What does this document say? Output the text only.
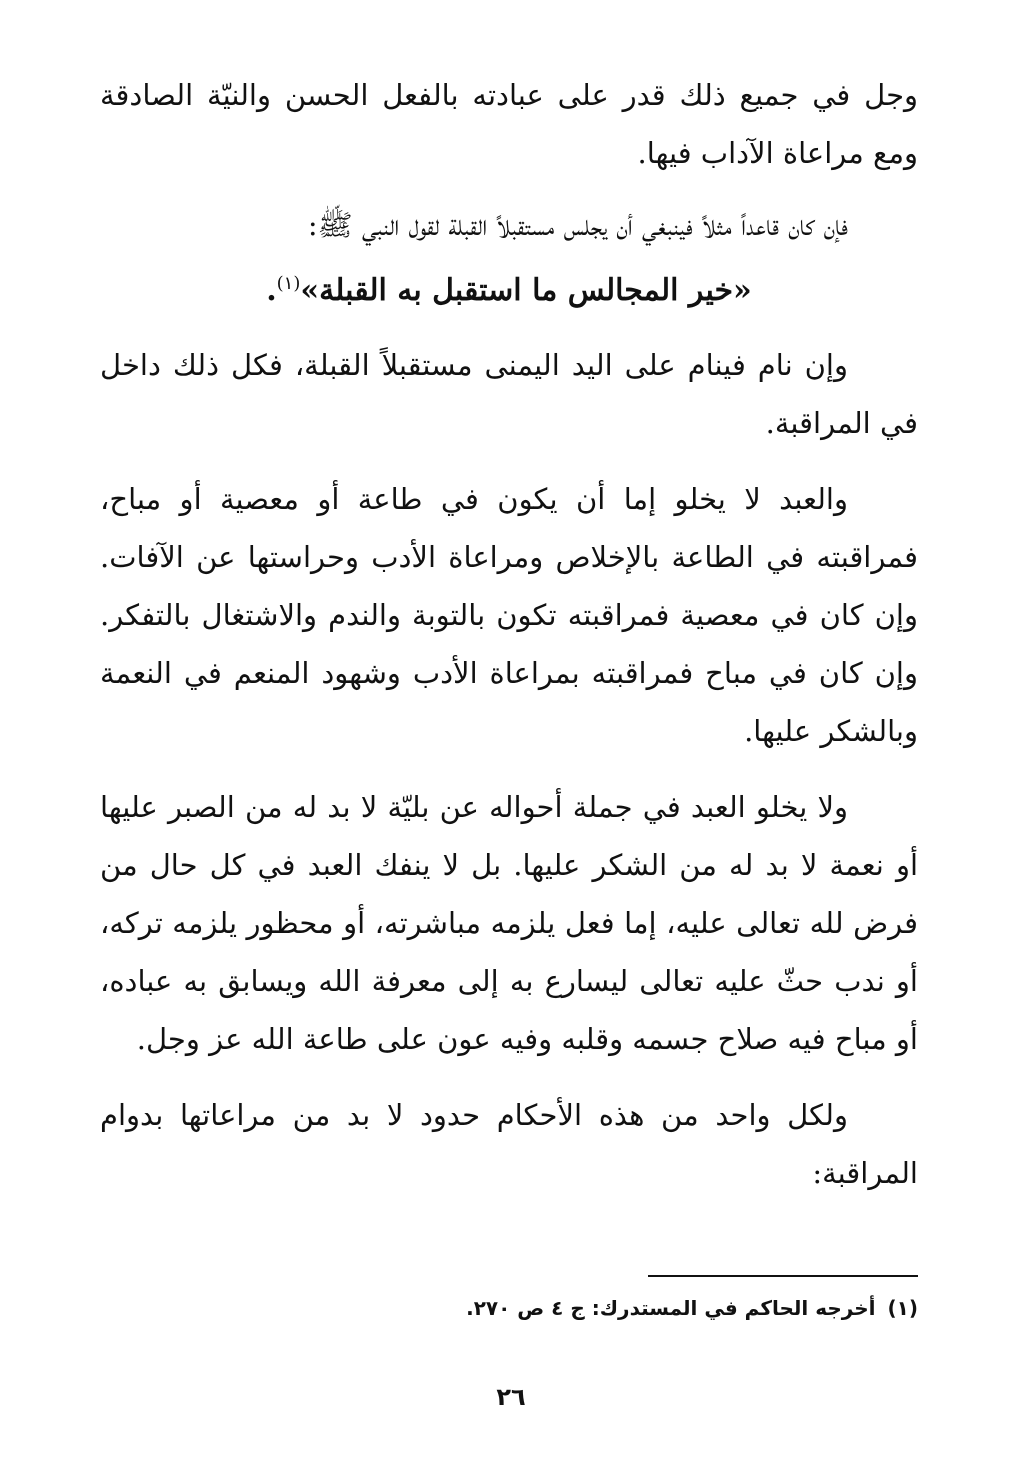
وجل في جميع ذلك قدر على عبادته بالفعل الحسن والنيّة الصادقة ومع مراعاة الآداب فيها.

فإن كان قاعداً مثلاً فينبغي أن يجلس مستقبلاً القبلة لقول النبي ﷺ:

«خير المجالس ما استقبل به القبلة»$^{(١)}$.

وإن نام فينام على اليد اليمنى مستقبلاً القبلة، فكل ذلك داخل في المراقبة.

والعبد لا يخلو إما أن يكون في طاعة أو معصية أو مباح، فمراقبته في الطاعة بالإخلاص ومراعاة الأدب وحراستها عن الآفات. وإن كان في معصية فمراقبته تكون بالتوبة والندم والاشتغال بالتفكر. وإن كان في مباح فمراقبته بمراعاة الأدب وشهود المنعم في النعمة وبالشكر عليها.

ولا يخلو العبد في جملة أحواله عن بليّة لا بد له من الصبر عليها أو نعمة لا بد له من الشكر عليها. بل لا ينفك العبد في كل حال من فرض لله تعالى عليه، إما فعل يلزمه مباشرته، أو محظور يلزمه تركه، أو ندب حثّ عليه تعالى ليسارع به إلى معرفة الله ويسابق به عباده، أو مباح فيه صلاح جسمه وقلبه وفيه عون على طاعة الله عز وجل.

ولكل واحد من هذه الأحكام حدود لا بد من مراعاتها بدوام المراقبة:

(١)أخرجه الحاكم في المستدرك: ج ٤ ص ٢٧٠.
٢٦
